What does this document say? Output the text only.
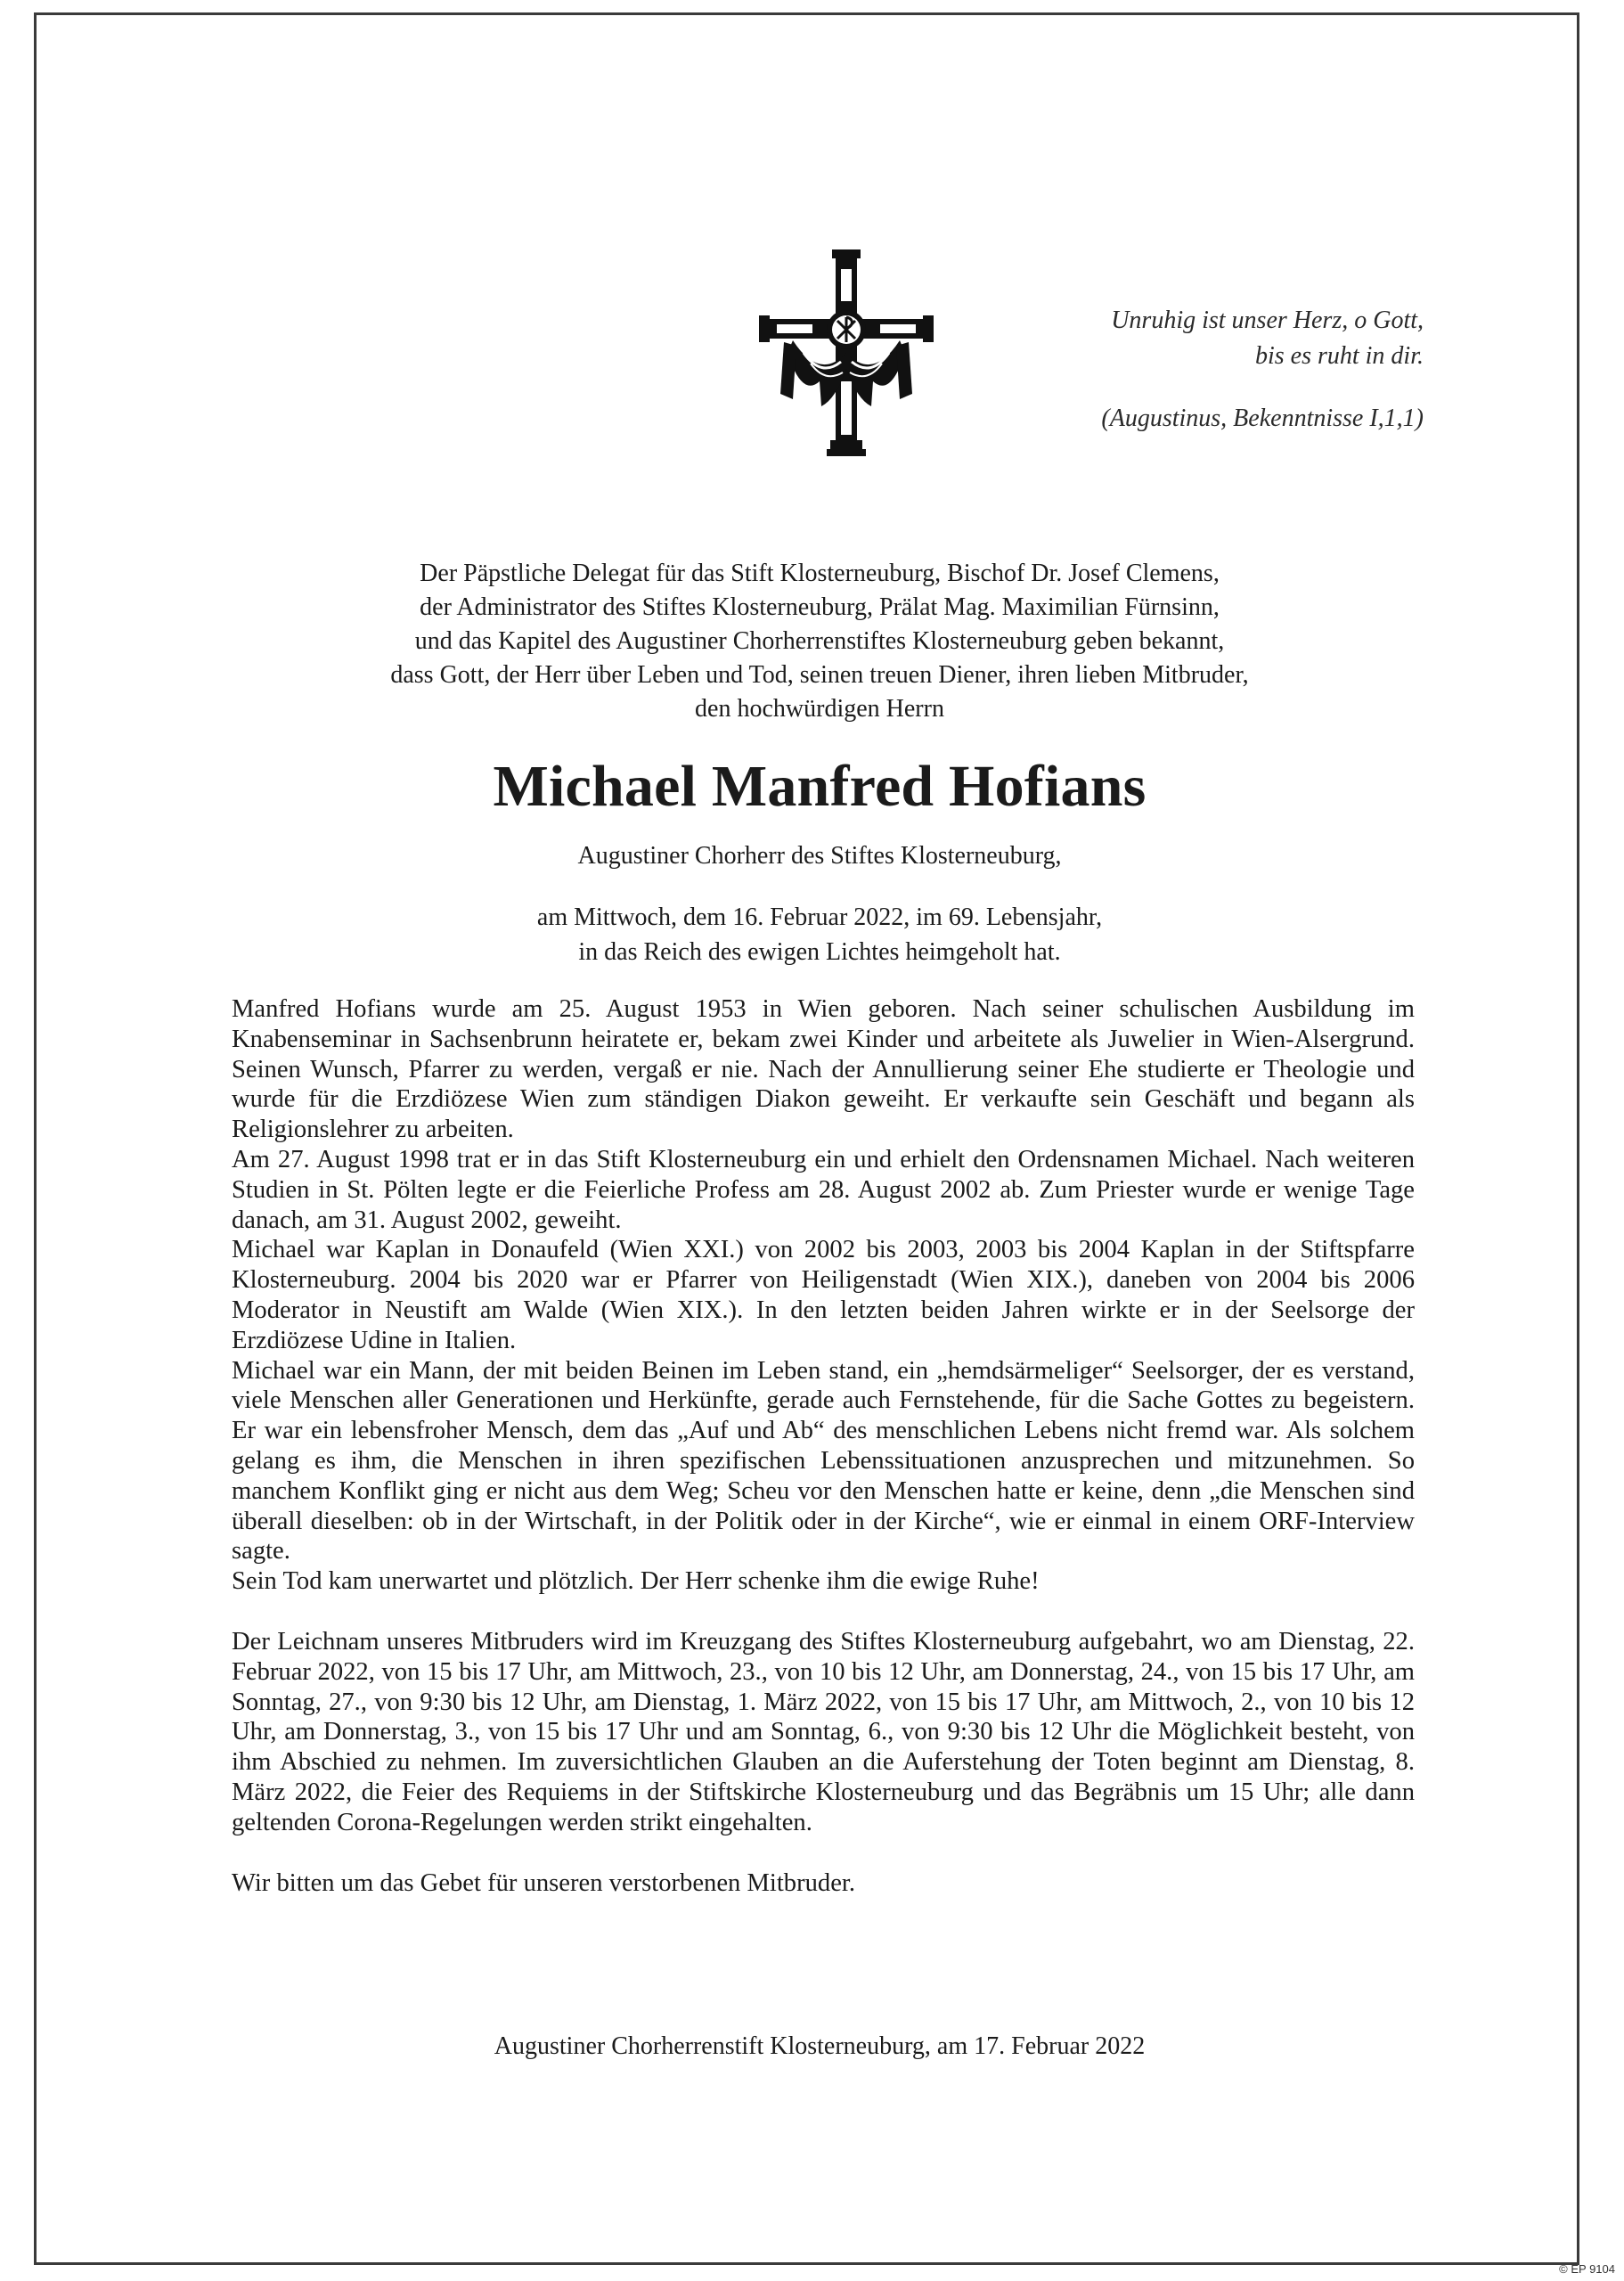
Unruhig ist unser Herz, o Gott,

bis es ruht in dir.

(Augustinus, Bekenntnisse I,1,1)

Der Päpstliche Delegat für das Stift Klosterneuburg, Bischof Dr. Josef Clemens,

der Administrator des Stiftes Klosterneuburg, Prälat Mag. Maximilian Fürnsinn,

und das Kapitel des Augustiner Chorherrenstiftes Klosterneuburg geben bekannt,

dass Gott, der Herr über Leben und Tod, seinen treuen Diener, ihren lieben Mitbruder,

den hochwürdigen Herrn

Michael Manfred Hofians
Augustiner Chorherr des Stiftes Klosterneuburg,

am Mittwoch, dem 16. Februar 2022, im 69. Lebensjahr,

in das Reich des ewigen Lichtes heimgeholt hat.

Manfred Hofians wurde am 25. August 1953 in Wien geboren. Nach seiner schulischen Ausbildung im Knabenseminar in Sachsenbrunn heiratete er, bekam zwei Kinder und arbeitete als Juwelier in Wien-Alsergrund. Seinen Wunsch, Pfarrer zu werden, vergaß er nie. Nach der Annullierung seiner Ehe studierte er Theologie und wurde für die Erzdiözese Wien zum ständigen Diakon geweiht. Er verkaufte sein Geschäft und begann als Religionslehrer zu arbeiten.

Am 27. August 1998 trat er in das Stift Klosterneuburg ein und erhielt den Ordensnamen Michael. Nach weiteren Studien in St. Pölten legte er die Feierliche Profess am 28. August 2002 ab. Zum Priester wurde er wenige Tage danach, am 31. August 2002, geweiht.

Michael war Kaplan in Donaufeld (Wien XXI.) von 2002 bis 2003, 2003 bis 2004 Kaplan in der Stiftspfarre Klosterneuburg. 2004 bis 2020 war er Pfarrer von Heiligenstadt (Wien XIX.), daneben von 2004 bis 2006 Moderator in Neustift am Walde (Wien XIX.). In den letzten beiden Jahren wirkte er in der Seelsorge der Erzdiözese Udine in Italien.

Michael war ein Mann, der mit beiden Beinen im Leben stand, ein „hemdsärmeliger“ Seelsorger, der es verstand, viele Menschen aller Generationen und Herkünfte, gerade auch Fernstehende, für die Sache Gottes zu begeistern. Er war ein lebensfroher Mensch, dem das „Auf und Ab“ des menschlichen Lebens nicht fremd war. Als solchem gelang es ihm, die Menschen in ihren spezifischen Lebenssituationen anzusprechen und mitzunehmen. So manchem Konflikt ging er nicht aus dem Weg; Scheu vor den Menschen hatte er keine, denn „die Menschen sind überall dieselben: ob in der Wirtschaft, in der Politik oder in der Kirche“, wie er einmal in einem ORF-Interview sagte.

Sein Tod kam unerwartet und plötzlich. Der Herr schenke ihm die ewige Ruhe!

Der Leichnam unseres Mitbruders wird im Kreuzgang des Stiftes Klosterneuburg aufgebahrt, wo am Dienstag, 22. Februar 2022, von 15 bis 17 Uhr, am Mittwoch, 23., von 10 bis 12 Uhr, am Donnerstag, 24., von 15 bis 17 Uhr, am Sonntag, 27., von 9:30 bis 12 Uhr, am Dienstag, 1. März 2022, von 15 bis 17 Uhr, am Mittwoch, 2., von 10 bis 12 Uhr, am Donnerstag, 3., von 15 bis 17 Uhr und am Sonntag, 6., von 9:30 bis 12 Uhr die Möglichkeit besteht, von ihm Abschied zu nehmen. Im zuversichtlichen Glauben an die Auferstehung der Toten beginnt am Dienstag, 8. März 2022, die Feier des Requiems in der Stiftskirche Klosterneuburg und das Begräbnis um 15 Uhr; alle dann geltenden Corona-Regelungen werden strikt eingehalten.

Wir bitten um das Gebet für unseren verstorbenen Mitbruder.

Augustiner Chorherrenstift Klosterneuburg, am 17. Februar 2022
© EP 9104
